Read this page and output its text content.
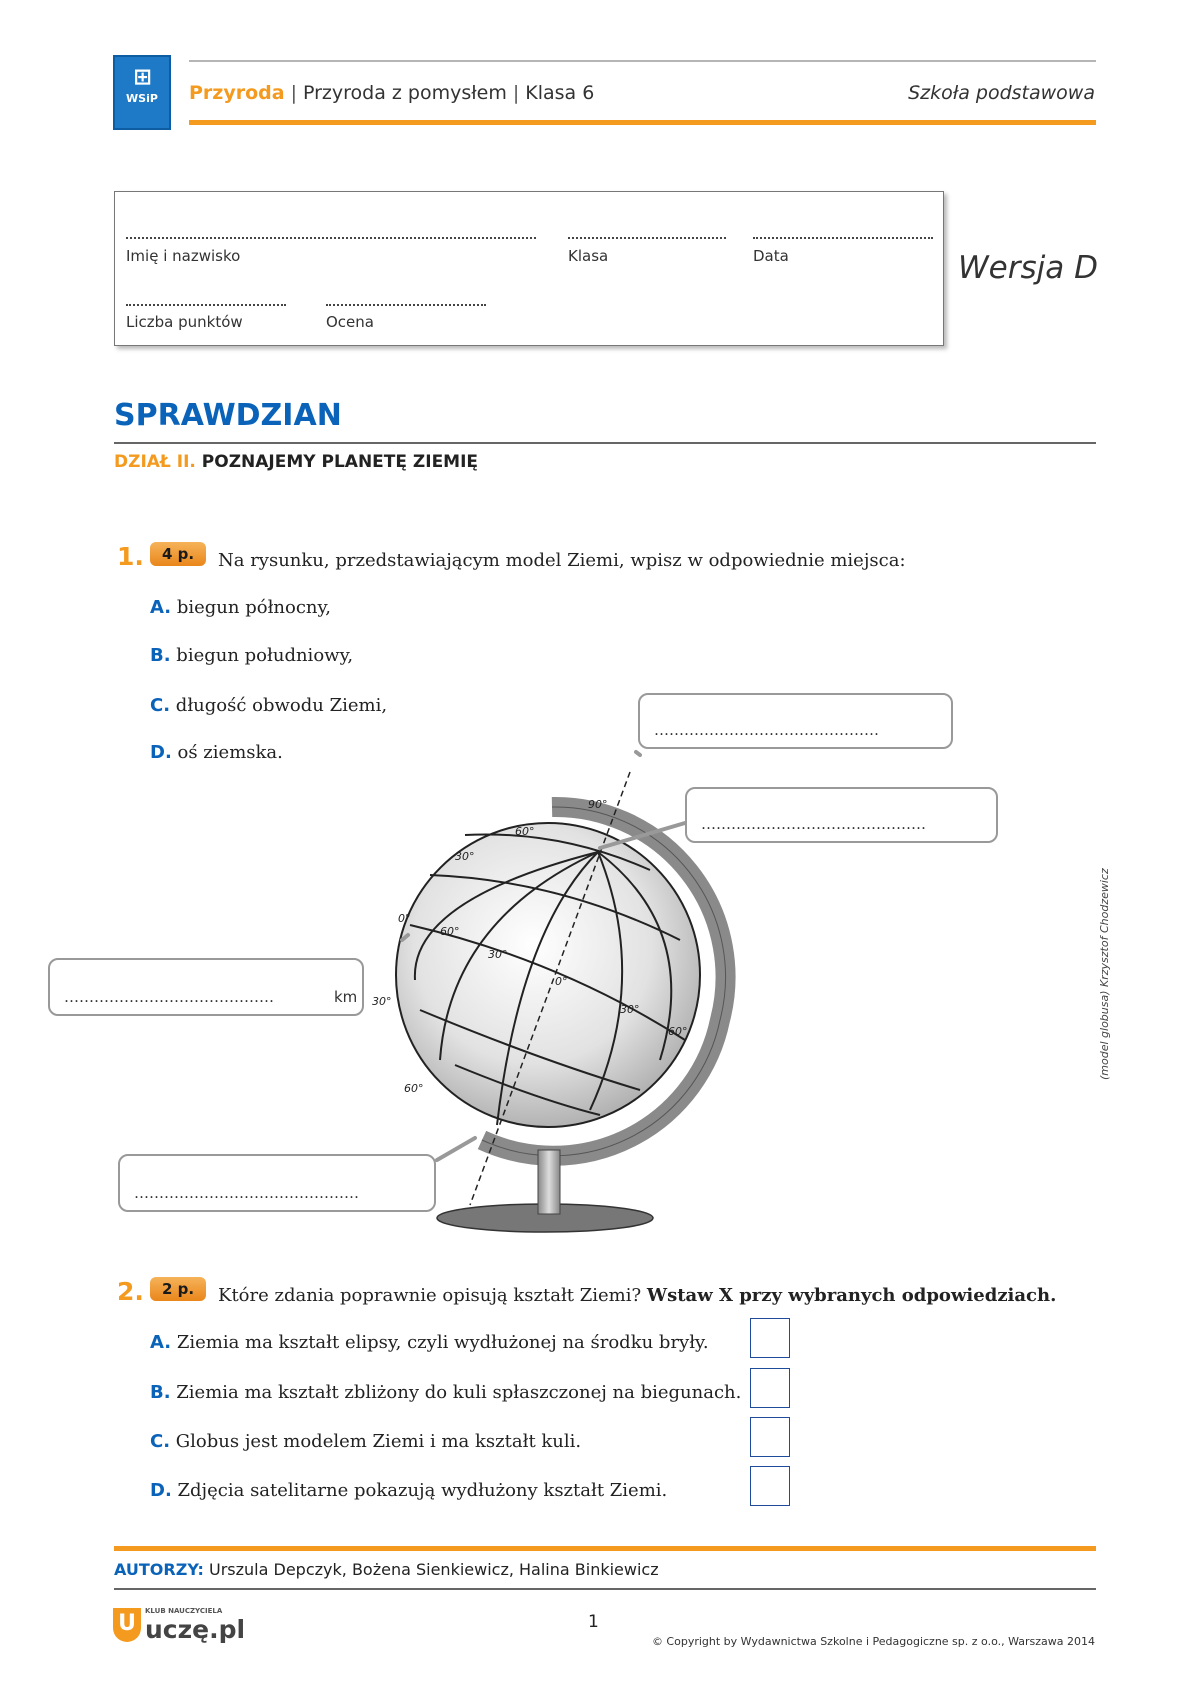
⊞
WSiP	Przyroda | Przyroda z pomysłem | Klasa 6	Szkoła podstawowa
Imię i nazwisko	Klasa	Data
Liczba punktów	Ocena
Wersja D
SPRAWDZIAN
DZIAŁ II. POZNAJEMY PLANETĘ ZIEMIĘ
1.	4 p.	Na rysunku, przedstawiającym model Ziemi, wpisz w odpowiednie miejsca:
A. biegun północny,
B. biegun południowy,
C. długość obwodu Ziemi,
D. oś ziemska.
90°
60°
30°
0°
60°
30°
30°
0°
30°
60°
60°
………………………………………
………………………………………
……………………………………	km
………………………………………
(model globusa) Krzysztof Chodzewicz
2.	2 p.	Które zdania poprawnie opisują kształt Ziemi? Wstaw X przy wybranych odpowiedziach.
A. Ziemia ma kształt elipsy, czyli wydłużonej na środku bryły.
B. Ziemia ma kształt zbliżony do kuli spłaszczonej na biegunach.
C. Globus jest modelem Ziemi i ma kształt kuli.
D. Zdjęcia satelitarne pokazują wydłużony kształt Ziemi.
AUTORZY: Urszula Depczyk, Bożena Sienkiewicz, Halina Binkiewicz
1
U	KLUB NAUCZYCIELA
uczę.pl	© Copyright by Wydawnictwa Szkolne i Pedagogiczne sp. z o.o., Warszawa 2014
